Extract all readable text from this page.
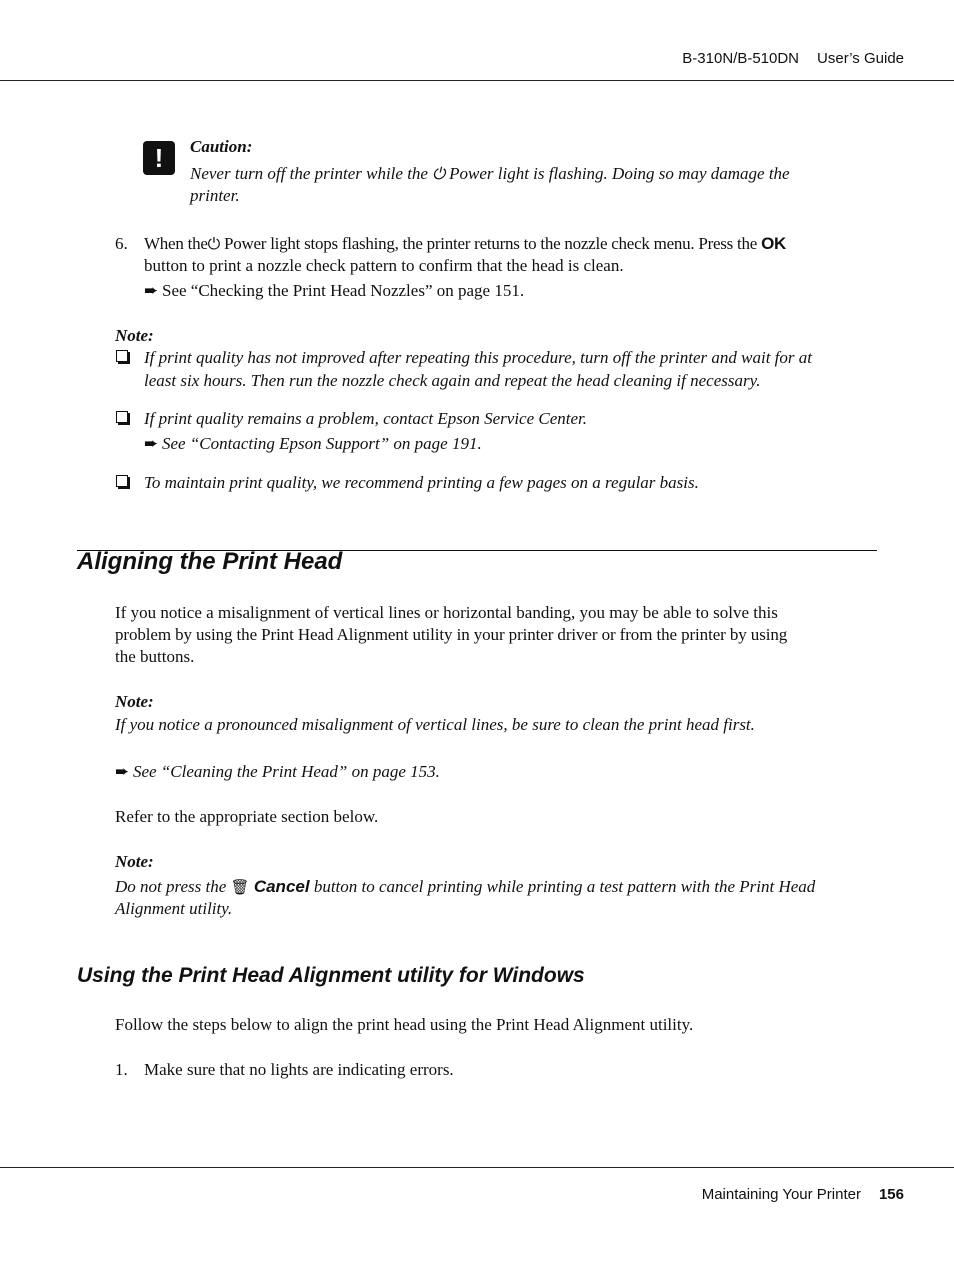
B-310N/B-510DN User’s Guide
!	Caution:
Never turn off the printer while the ⏻ Power light is flashing. Doing so may damage the
printer.
6. When the⏻ Power light stops flashing, the printer returns to the nozzle check menu. Press the OK
button to print a nozzle check pattern to confirm that the head is clean.
➨ See “Checking the Print Head Nozzles” on page 151.
Note:
If print quality has not improved after repeating this procedure, turn off the printer and wait for at
least six hours. Then run the nozzle check again and repeat the head cleaning if necessary.
If print quality remains a problem, contact Epson Service Center.
➨ See “Contacting Epson Support” on page 191.
To maintain print quality, we recommend printing a few pages on a regular basis.
Aligning the Print Head
If you notice a misalignment of vertical lines or horizontal banding, you may be able to solve this
problem by using the Print Head Alignment utility in your printer driver or from the printer by using
the buttons.
Note:
If you notice a pronounced misalignment of vertical lines, be sure to clean the print head first.
➨ See “Cleaning the Print Head” on page 153.
Refer to the appropriate section below.
Note:
Do not press the 🗑 Cancel button to cancel printing while printing a test pattern with the Print Head
Alignment utility.
Using the Print Head Alignment utility for Windows
Follow the steps below to align the print head using the Print Head Alignment utility.
1. Make sure that no lights are indicating errors.
Maintaining Your Printer 156
